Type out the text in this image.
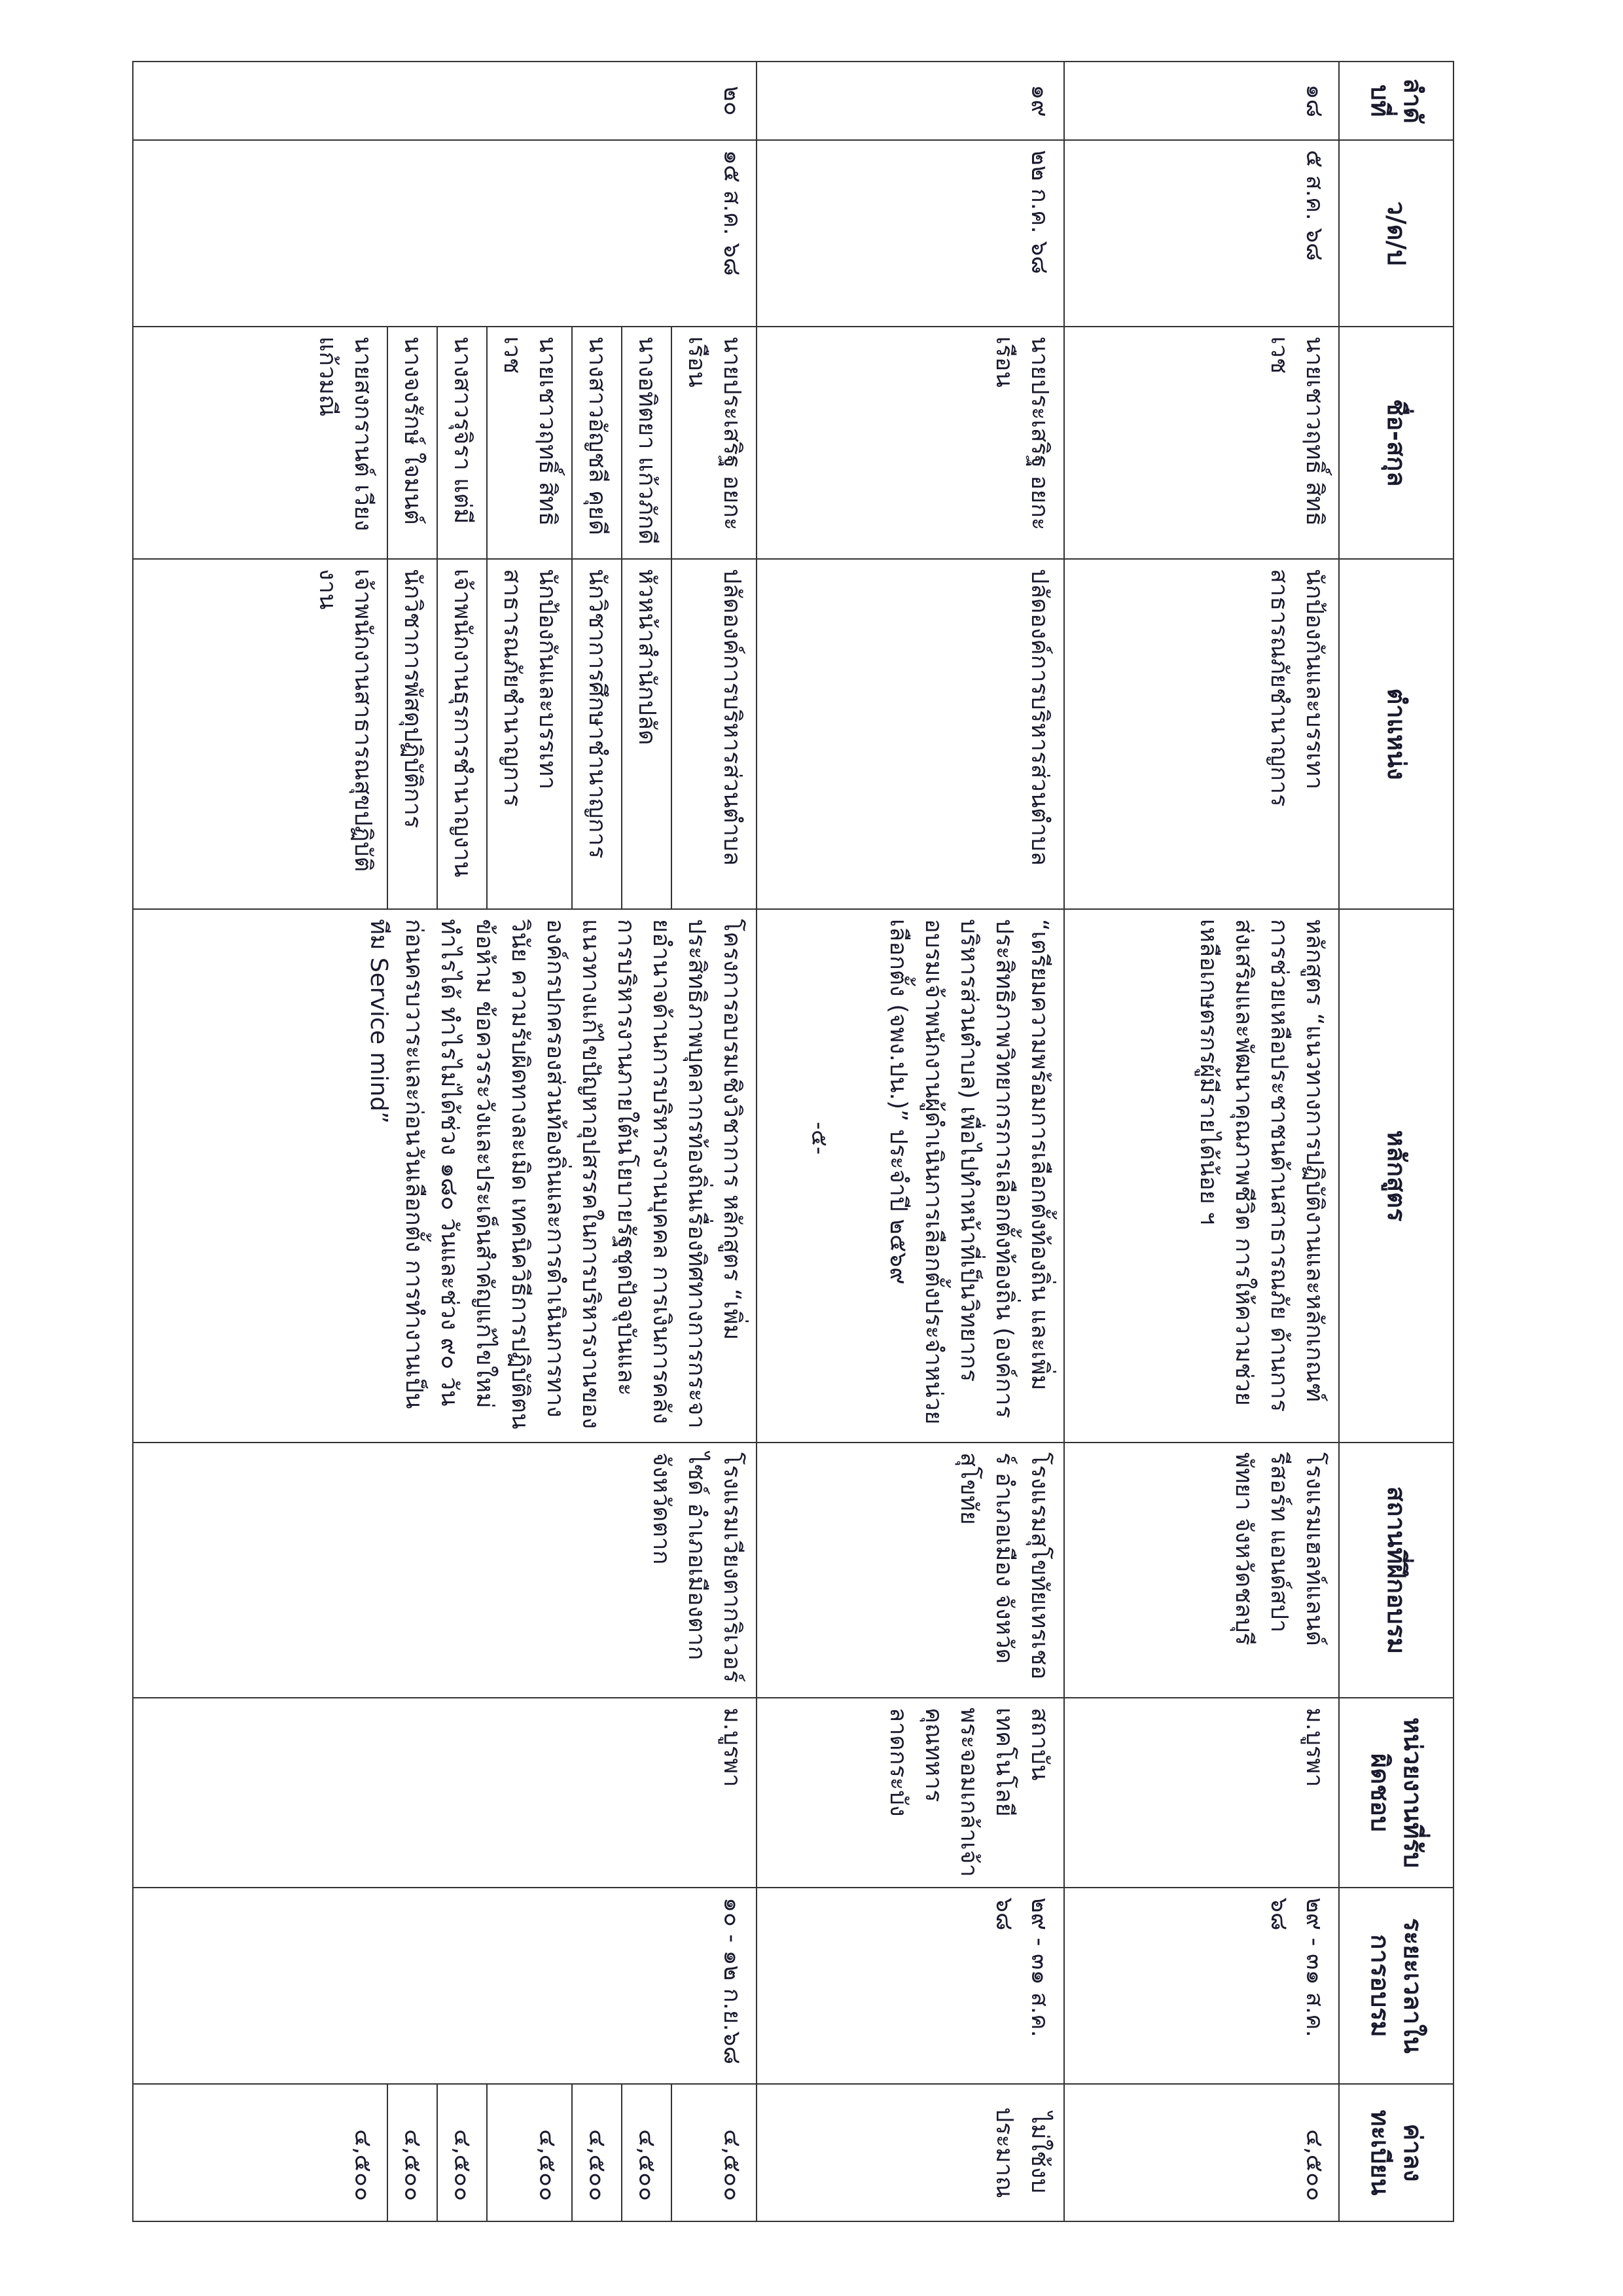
-๕-
ลำดับที่	ว/ด/ป	ชื่อ-สกุล	ตำแหน่ง	หลักสูตร	สถานที่ฝึกอบรม	หน่วยงานที่รับผิดชอบ	ระยะเวลาในการอบรม	ค่าลงทะเบียน
๑๘	๕ ส.ค. ๖๘	นายเชาวฤทธิ์ สิทธิเวช	นักป้องกันและบรรเทาสาธารณภัยชำนาญการ	หลักสูตร “แนวทางการปฏิบัติงานและหลักเกณฑ์การช่วยเหลือประชาชนด้านสาธารณภัย ด้านการส่งเสริมและพัฒนาคุณภาพชีวิต การให้ความช่วยเหลือเกษตรกรผู้มีรายได้น้อย ฯ	โรงแรมเฮลท์แลนด์รีสอร์ท แอนด์สปา พัทยา จังหวัดชลบุรี	ม.บูรพา	๒๙ - ๓๑ ส.ค. ๖๘	๔,๕๐๐
๑๙	๒๒ ก.ค. ๖๘	นายประเสริฐ อยกะเรือน	ปลัดองค์การบริหารส่วนตำบล	“เตรียมความพร้อมการเลือกตั้งท้องถิ่น และเพิ่มประสิทธิภาพวิทยากรการเลือกตั้งท้องถิ่น (องค์การบริหารส่วนตำบล) เพื่อไปทำหน้าที่เป็นวิทยากรอบรมเจ้าพนักงานผู้ดำเนินการเลือกตั้งประจำหน่วยเลือกตั้ง (จพง.ปน.)” ประจำปี ๒๕๖๙	โรงแรมสุโขทัยเทรเชอร์ อำเภอเมือง จังหวัดสุโขทัย	สถาบันเทคโนโลยีพระจอมเกล้าเจ้าคุณทหารลาดกระบัง	๒๙ - ๓๑ ส.ค. ๖๘	ไม่ใช้งบประมาณ
๒๐	๑๕ ส.ค. ๖๘	นายประเสริฐ อยกะเรือน	ปลัดองค์การบริหารส่วนตำบล	โครงการอบรมเชิงวิชาการ หลักสูตร “เพิ่มประสิทธิภาพบุคลากรท้องถิ่นเรื่องทิศทางการกระจายอำนาจด้านการบริหารงานบุคคล การเงินการคลัง การบริหารงานภายใต้นโยบายรัฐชุดปัจจุบันและแนวทางแก้ไขปัญหาอุปสรรคในการบริหารงานขององค์กรปกครองส่วนท้องถิ่นและการดำเนินการทางวินัย ความรับผิดทางละเมิด เทคนิควิธีการปฏิบัติตน ข้อห้าม ข้อควรระวังและประเด็นสำคัญแก้ไขใหม่ทำไรได้ ทำไรไม่ได้ช่วง ๑๘๐ วันและช่วง ๙๐ วันก่อนครบวาระและก่อนวันเลือกตั้ง การทำงานเป็นทีม Service mind”	โรงแรมเวียงตากริเวอร์ไซด์ อำเภอเมืองตาก จังหวัดตาก	ม.บูรพา	๑๐ - ๑๒ ก.ย.๖๘	๔,๕๐๐
		นางอทิตยา แก้วภักดี	หัวหน้าสำนักปลัด					๔,๕๐๐
		นางสาวอัญชลี คุยดี	นักวิชาการศึกษาชำนาญการ					๔,๕๐๐
		นายเชาวฤทธิ์ สิทธิเวช	นักป้องกันและบรรเทาสาธารณภัยชำนาญการ					๔,๕๐๐
		นางสาวรุจิรา แต่มี	เจ้าพนักงานธุรการชำนาญงาน					๔,๕๐๐
		นางจงรักษ์ ใจมนต์	นักวิชาการพัสดุปฏิบัติการ					๔,๕๐๐
		นายสงกรานต์ เวียงแก้วมณี	เจ้าพนักงานสาธารณสุขปฏิบัติงาน					๔,๕๐๐
